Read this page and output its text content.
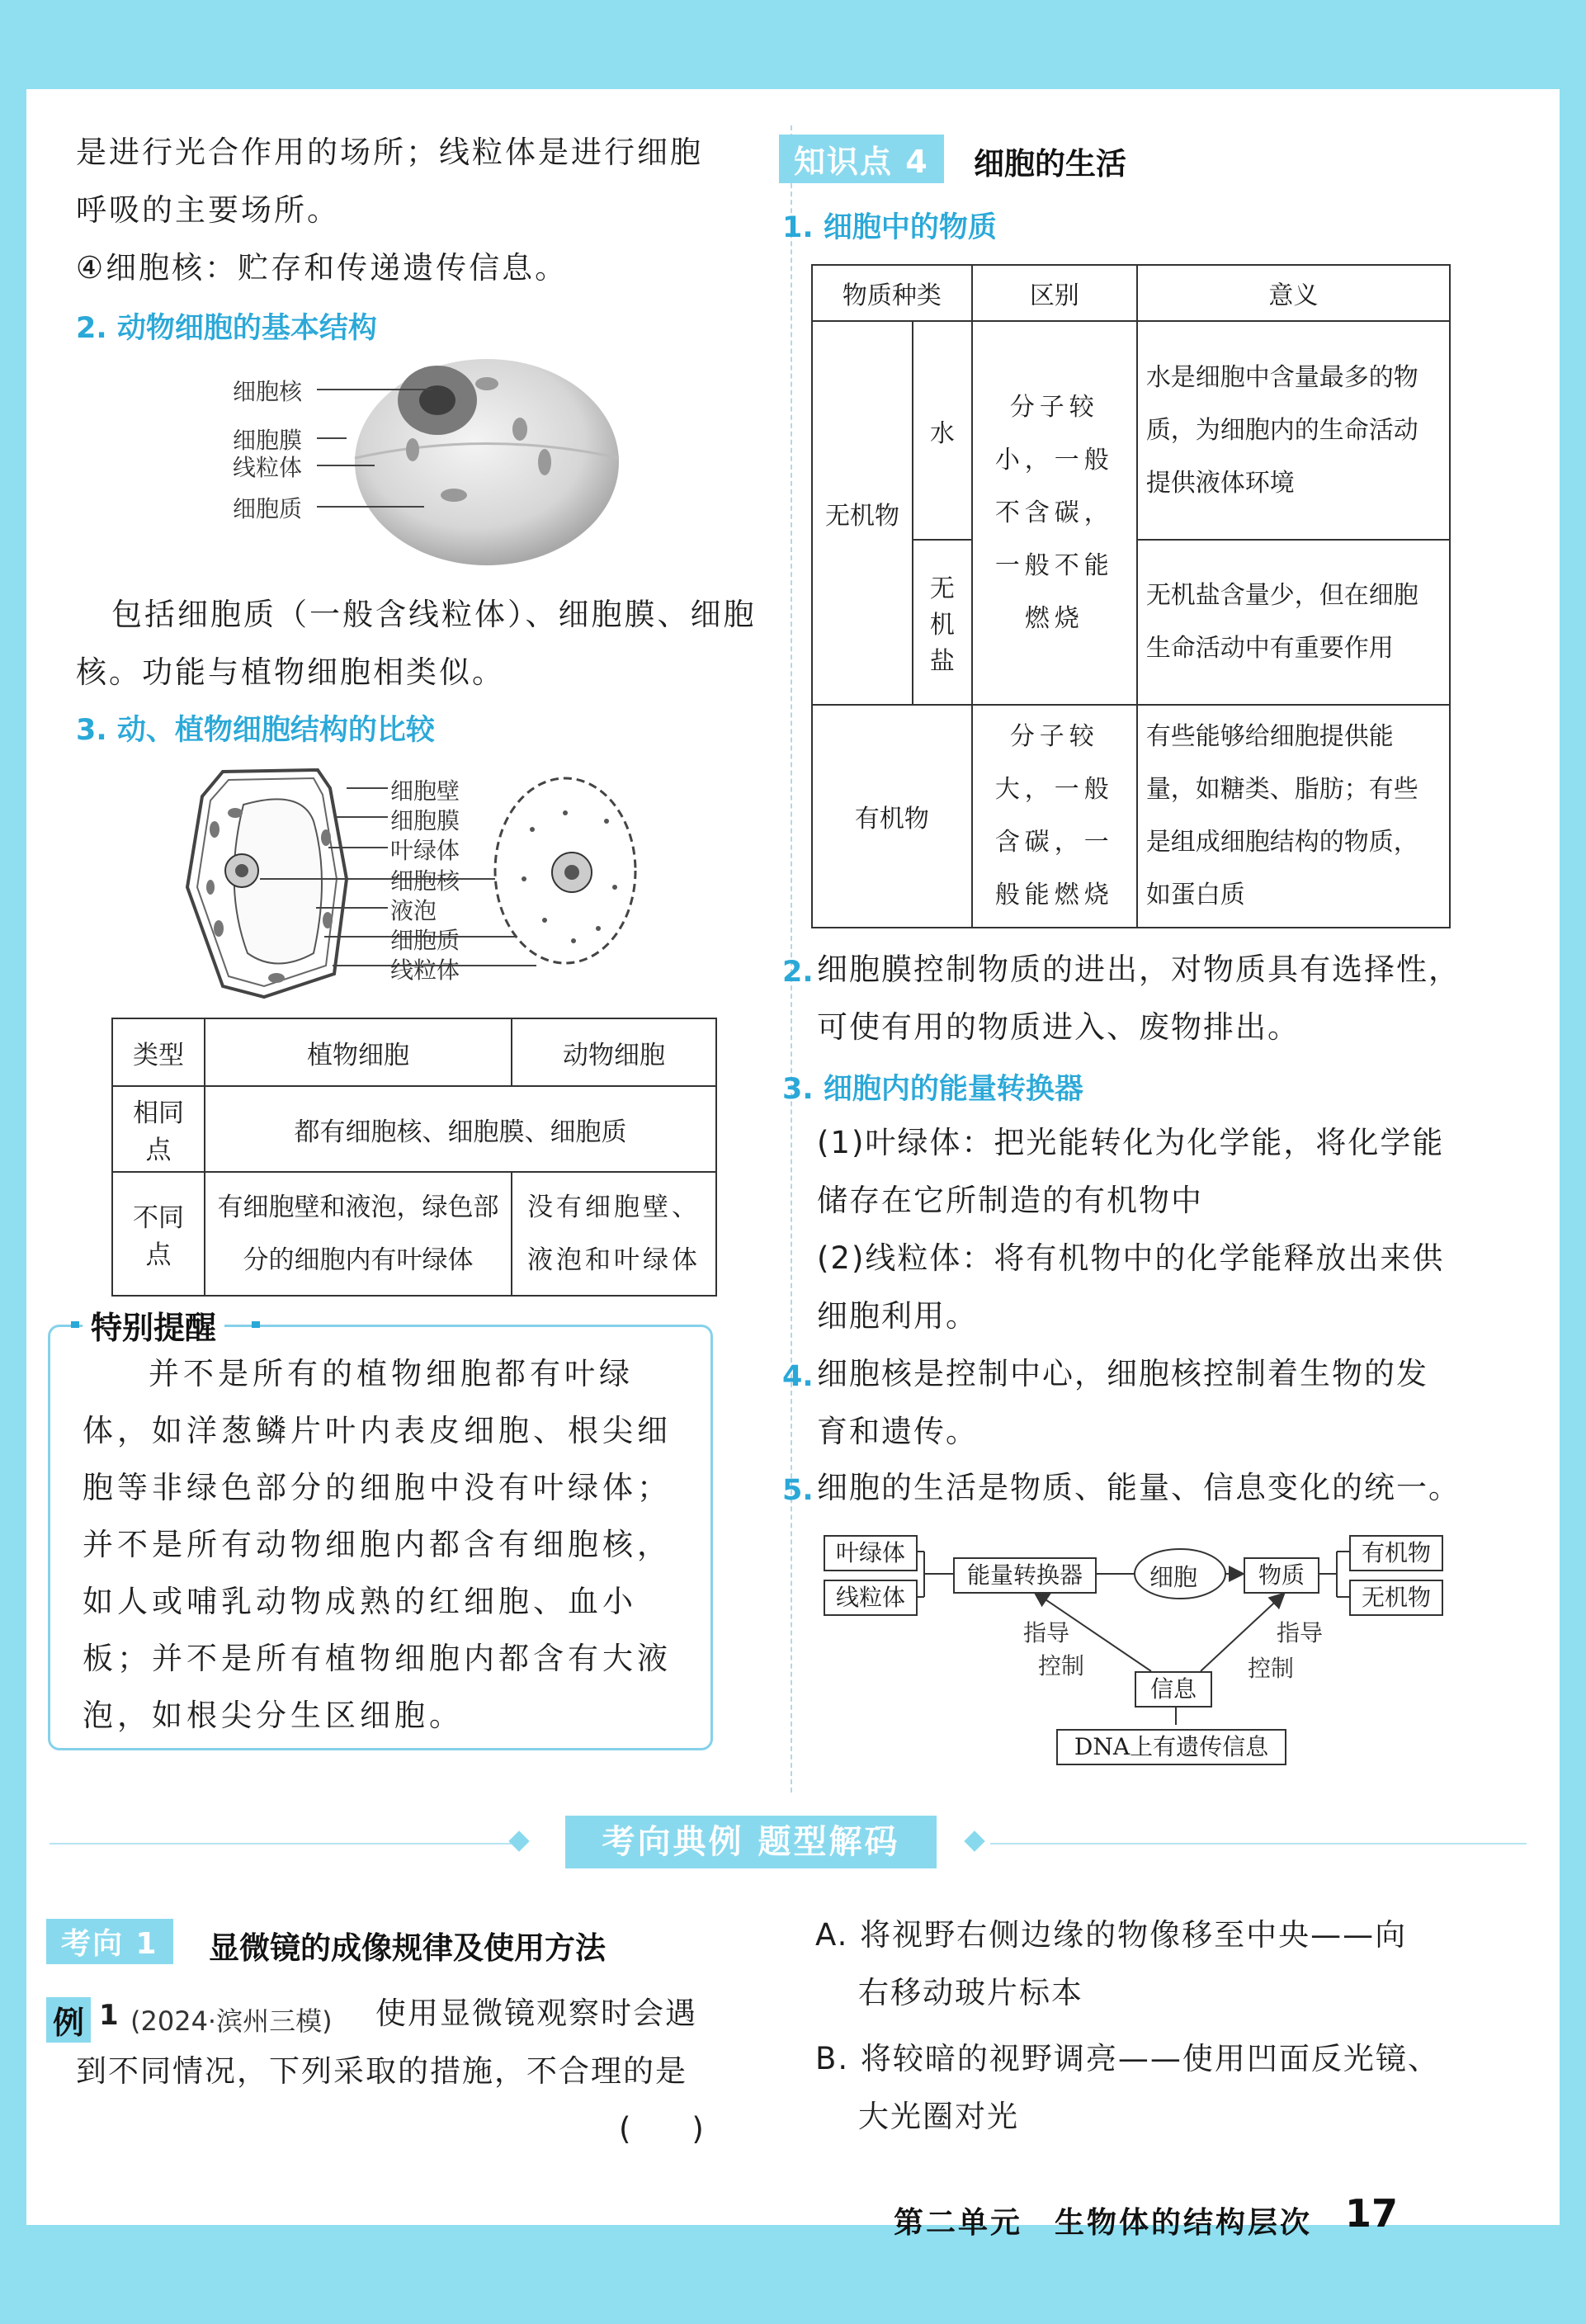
是进行光合作用的场所；线粒体是进行细胞
呼吸的主要场所。
④细胞核：贮存和传递遗传信息。
2. 动物细胞的基本结构
细胞核
细胞膜
线粒体
细胞质
包括细胞质（一般含线粒体）、细胞膜、细胞
核。功能与植物细胞相类似。
3. 动、植物细胞结构的比较
细胞壁
细胞膜
叶绿体
细胞核
液泡
细胞质
线粒体
类型	植物细胞	动物细胞
相同点	都有细胞核、细胞膜、细胞质	
不同点	有细胞壁和液泡，绿色部分的细胞内有叶绿体	没有细胞壁、液泡和叶绿体
特别提醒
并不是所有的植物细胞都有叶绿体，如洋葱鳞片叶内表皮细胞、根尖细胞等非绿色部分的细胞中没有叶绿体；并不是所有动物细胞内都含有细胞核，如人或哺乳动物成熟的红细胞、血小板；并不是所有植物细胞内都含有大液泡，如根尖分生区细胞。
知识点 4	细胞的生活
1. 细胞中的物质
物质种类		区别	意义
无机物	水	分子较小，一般不含碳，一般不能燃烧	水是细胞中含量最多的物质，为细胞内的生命活动提供液体环境
	无机盐		无机盐含量少，但在细胞生命活动中有重要作用
有机物		分子较大，一般含碳，一般能燃烧	有些能够给细胞提供能量，如糖类、脂肪；有些是组成细胞结构的物质，如蛋白质
2. 细胞膜控制物质的进出，对物质具有选择性，
可使有用的物质进入、废物排出。
3. 细胞内的能量转换器
(1)叶绿体：把光能转化为化学能，将化学能
储存在它所制造的有机物中
(2)线粒体：将有机物中的化学能释放出来供
细胞利用。
4. 细胞核是控制中心，细胞核控制着生物的发
育和遗传。
5. 细胞的生活是物质、能量、信息变化的统一。
叶绿体
线粒体
能量转换器	细胞	物质
有机物
无机物
指导
控制
指导
控制
信息
DNA上有遗传信息
考向典例 题型解码
考向 1	显微镜的成像规律及使用方法
例 1 (2024·滨州三模) 使用显微镜观察时会遇
到不同情况，下列采取的措施，不合理的是
(　　)
A. 将视野右侧边缘的物像移至中央——向
右移动玻片标本
B. 将较暗的视野调亮——使用凹面反光镜、
大光圈对光
第二单元　生物体的结构层次 17
